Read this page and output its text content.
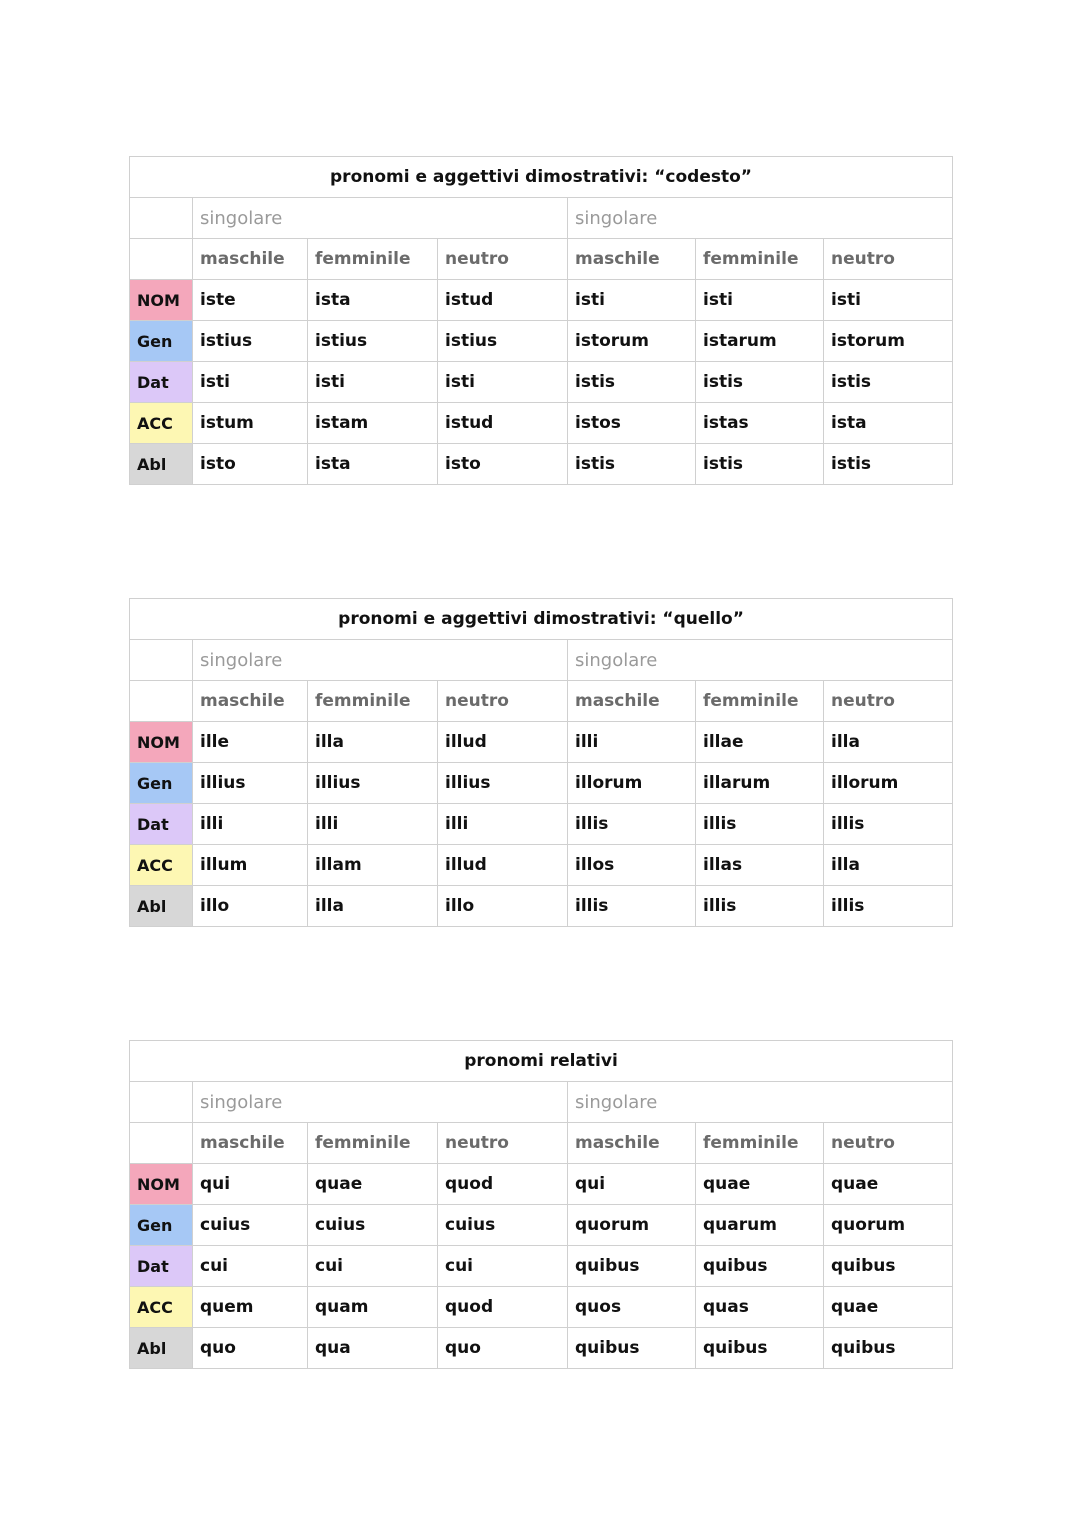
pronomi e aggettivi dimostrativi: “codesto”						
	singolare			singolare		
	maschile	femminile	neutro	maschile	femminile	neutro
NOM	iste	ista	istud	isti	isti	isti
Gen	istius	istius	istius	istorum	istarum	istorum
Dat	isti	isti	isti	istis	istis	istis
ACC	istum	istam	istud	istos	istas	ista
Abl	isto	ista	isto	istis	istis	istis
pronomi e aggettivi dimostrativi: “quello”						
	singolare			singolare		
	maschile	femminile	neutro	maschile	femminile	neutro
NOM	ille	illa	illud	illi	illae	illa
Gen	illius	illius	illius	illorum	illarum	illorum
Dat	illi	illi	illi	illis	illis	illis
ACC	illum	illam	illud	illos	illas	illa
Abl	illo	illa	illo	illis	illis	illis
pronomi relativi						
	singolare			singolare		
	maschile	femminile	neutro	maschile	femminile	neutro
NOM	qui	quae	quod	qui	quae	quae
Gen	cuius	cuius	cuius	quorum	quarum	quorum
Dat	cui	cui	cui	quibus	quibus	quibus
ACC	quem	quam	quod	quos	quas	quae
Abl	quo	qua	quo	quibus	quibus	quibus
